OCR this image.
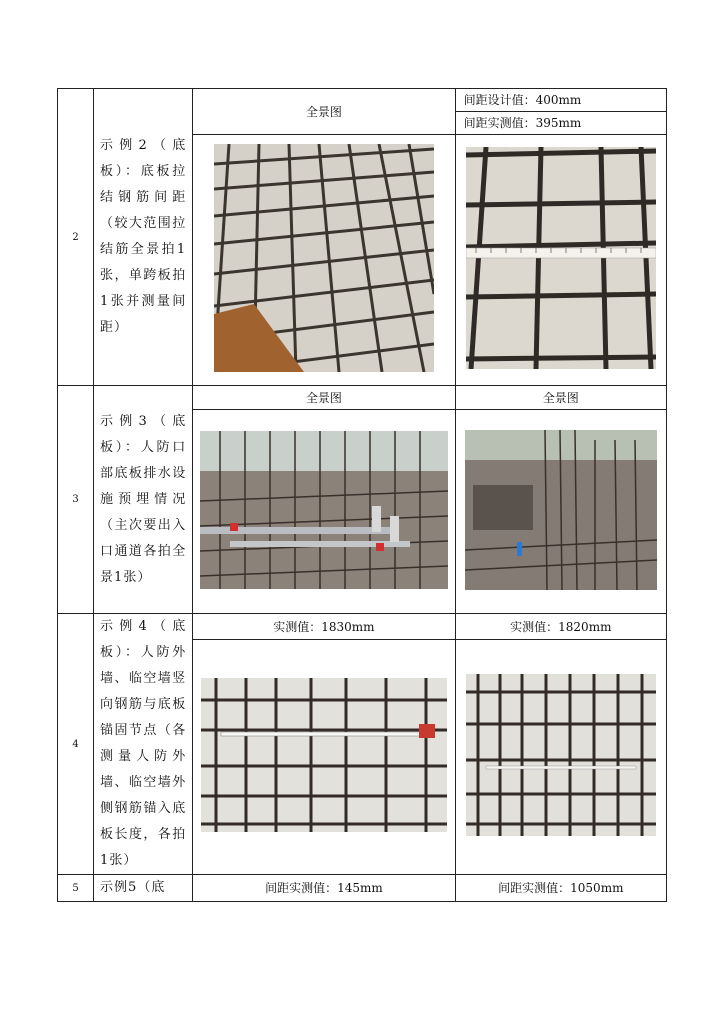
2	示例2（底板）：底板拉结钢筋间距（较大范围拉结筋全景拍1张，单跨板拍1张并测量间距）	全景图	间距设计值：400mm
			间距实测值：395mm

3	示例3（底板）：人防口部底板排水设施预埋情况（主次要出入口通道各拍全景1张）	全景图	全景图

4	示例4（底板）：人防外墙、临空墙竖向钢筋与底板锚固节点（各测量人防外墙、临空墙外侧钢筋锚入底板长度，各拍1张）	实测值：1830mm	实测值：1820mm

5	示例5（底	间距实测值：145mm	间距实测值：1050mm
